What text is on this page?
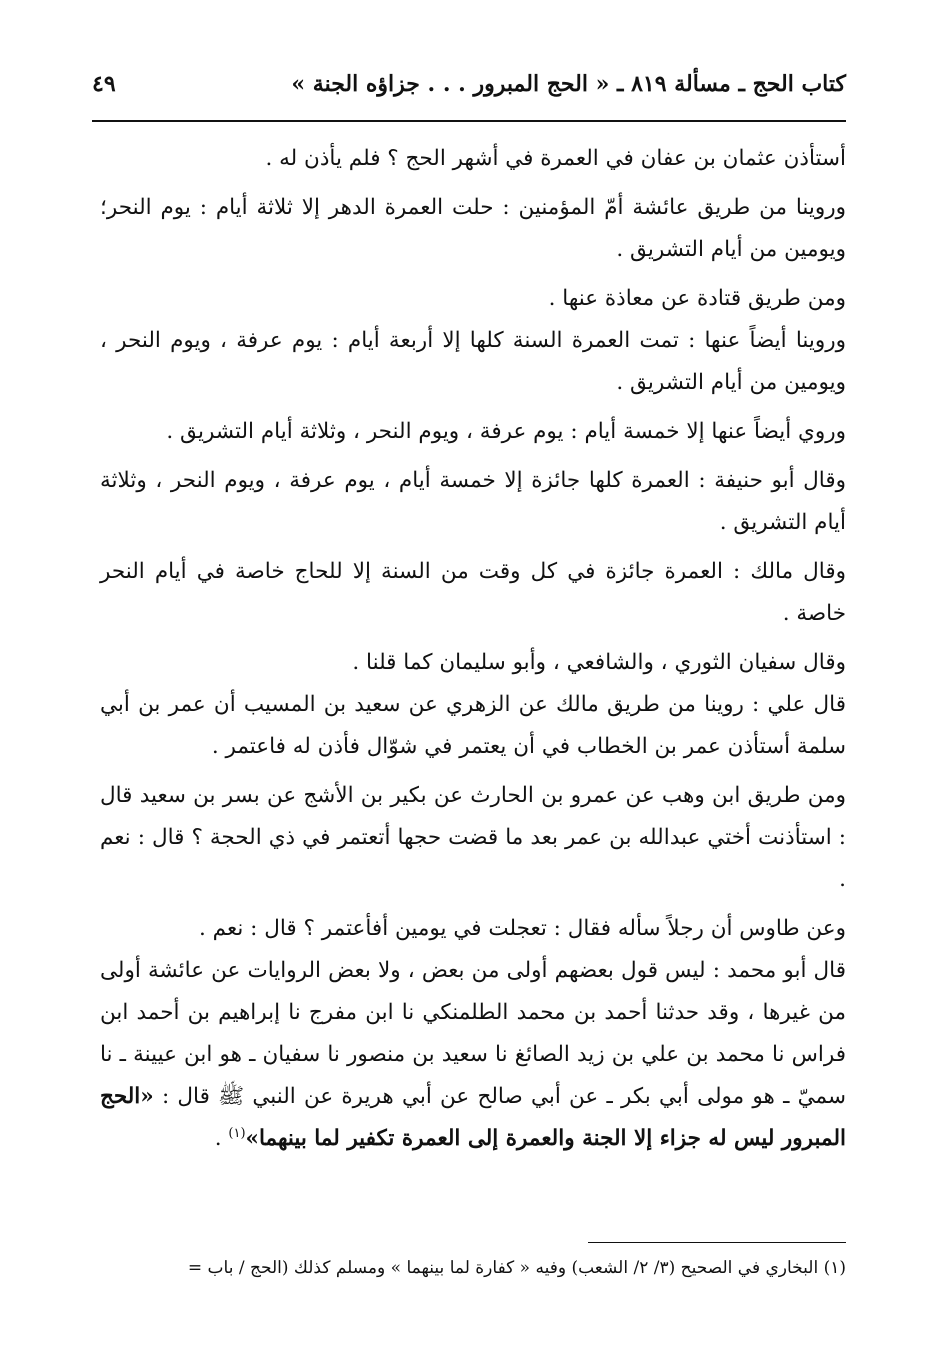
كتاب الحج ـ مسألة ٨١٩ ـ « الحج المبرور . . . جزاؤه الجنة »
٤٩

أستأذن عثمان بن عفان في العمرة في أشهر الحج ؟ فلم يأذن له .

وروينا من طريق عائشة أمّ المؤمنين : حلت العمرة الدهر إلا ثلاثة أيام : يوم النحر؛ ويومين من أيام التشريق .

ومن طريق قتادة عن معاذة عنها .

وروينا أيضاً عنها : تمت العمرة السنة كلها إلا أربعة أيام : يوم عرفة ، ويوم النحر ، ويومين من أيام التشريق .

وروي أيضاً عنها إلا خمسة أيام : يوم عرفة ، ويوم النحر ، وثلاثة أيام التشريق .

وقال أبو حنيفة : العمرة كلها جائزة إلا خمسة أيام ، يوم عرفة ، ويوم النحر ، وثلاثة أيام التشريق .

وقال مالك : العمرة جائزة في كل وقت من السنة إلا للحاج خاصة في أيام النحر خاصة .

وقال سفيان الثوري ، والشافعي ، وأبو سليمان كما قلنا .

قال علي : روينا من طريق مالك عن الزهري عن سعيد بن المسيب أن عمر بن أبي سلمة أستأذن عمر بن الخطاب في أن يعتمر في شوّال فأذن له فاعتمر .

ومن طريق ابن وهب عن عمرو بن الحارث عن بكير بن الأشج عن بسر بن سعيد قال : استأذنت أختي عبدالله بن عمر بعد ما قضت حجها أتعتمر في ذي الحجة ؟ قال : نعم .

وعن طاوس أن رجلاً سأله فقال : تعجلت في يومين أفأعتمر ؟ قال : نعم .

قال أبو محمد : ليس قول بعضهم أولى من بعض ، ولا بعض الروايات عن عائشة أولى من غيرها ، وقد حدثنا أحمد بن محمد الطلمنكي نا ابن مفرج نا إبراهيم بن أحمد ابن فراس نا محمد بن علي بن زيد الصائغ نا سعيد بن منصور نا سفيان ـ هو ابن عيينة ـ نا سميّ ـ هو مولى أبي بكر ـ عن أبي صالح عن أبي هريرة عن النبي ﷺ قال : «الحج المبرور ليس له جزاء إلا الجنة والعمرة إلى العمرة تكفير لما بينهما»$^{(١)}$ .

(١) البخاري في الصحيح (٣/ ٢/ الشعب) وفيه « كفارة لما بينهما » ومسلم كذلك (الحج / باب =
